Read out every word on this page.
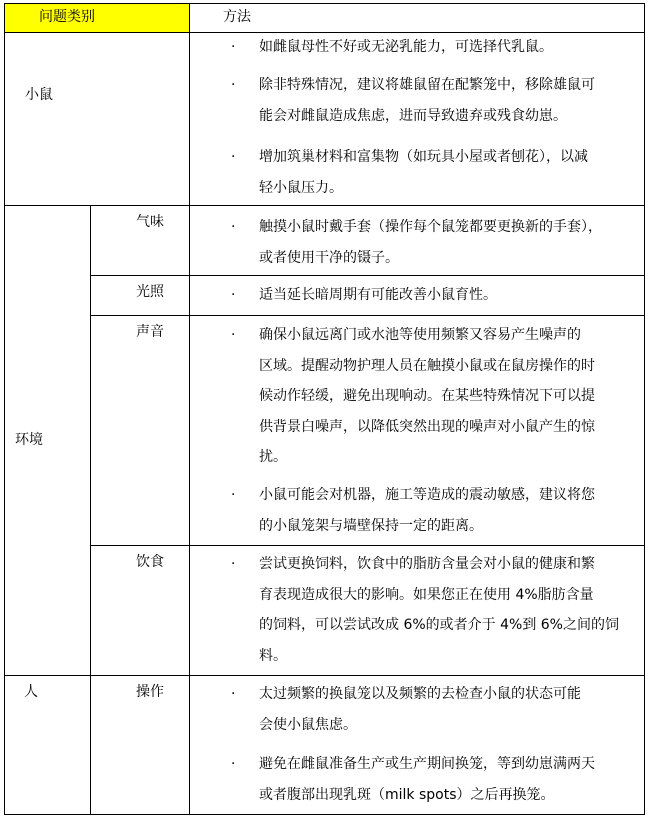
问题类别	方法
小鼠
环境
人
气味
光照
声音
饮食
操作
· 如雌鼠母性不好或无泌乳能力，可选择代乳鼠。
· 除非特殊情况，建议将雄鼠留在配繁笼中，移除雄鼠可
能会对雌鼠造成焦虑，进而导致遗弃或残食幼崽。
· 增加筑巢材料和富集物（如玩具小屋或者刨花），以减
轻小鼠压力。
· 触摸小鼠时戴手套（操作每个鼠笼都要更换新的手套），
或者使用干净的镊子。
· 适当延长暗周期有可能改善小鼠育性。
· 确保小鼠远离门或水池等使用频繁又容易产生噪声的
区域。提醒动物护理人员在触摸小鼠或在鼠房操作的时
候动作轻缓，避免出现响动。在某些特殊情况下可以提
供背景白噪声，以降低突然出现的噪声对小鼠产生的惊
扰。
· 小鼠可能会对机器，施工等造成的震动敏感，建议将您
的小鼠笼架与墙壁保持一定的距离。
· 尝试更换饲料，饮食中的脂肪含量会对小鼠的健康和繁
育表现造成很大的影响。如果您正在使用 4%脂肪含量
的饲料，可以尝试改成 6%的或者介于 4%到 6%之间的饲
料。
· 太过频繁的换鼠笼以及频繁的去检查小鼠的状态可能
会使小鼠焦虑。
· 避免在雌鼠准备生产或生产期间换笼，等到幼崽满两天
或者腹部出现乳斑（milk spots）之后再换笼。
